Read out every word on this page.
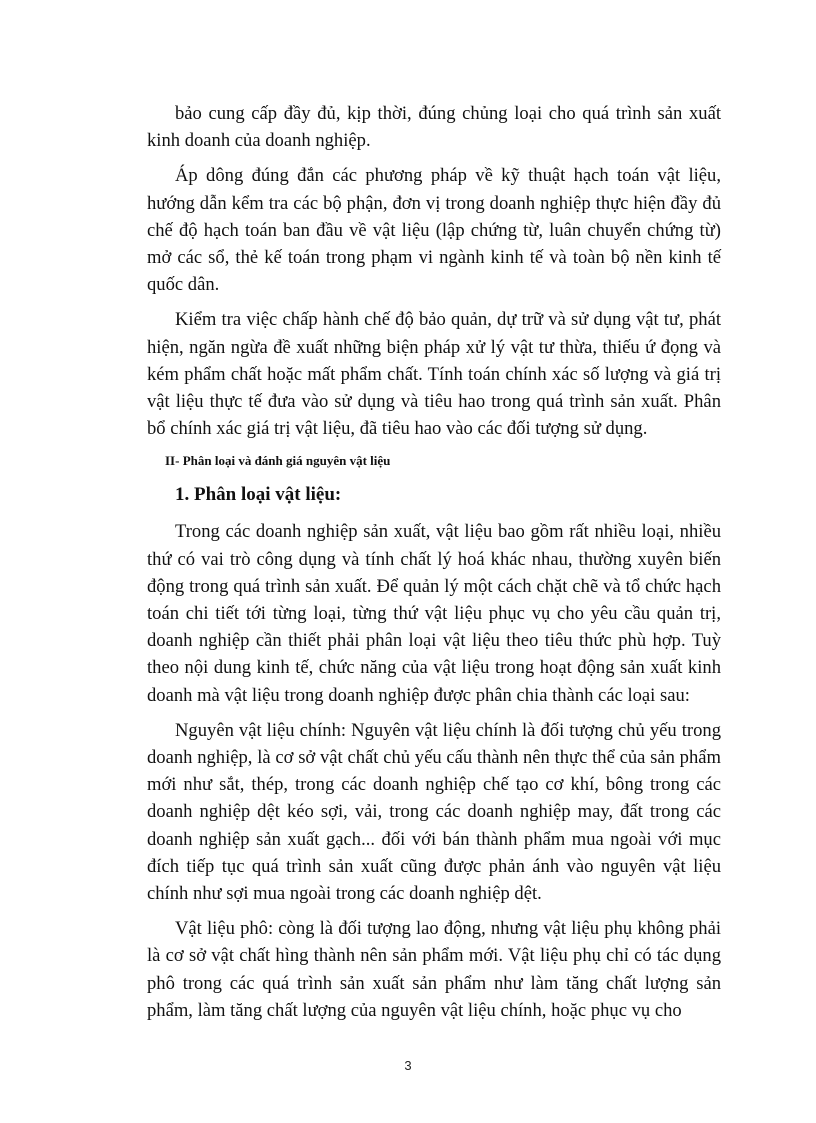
bảo cung cấp đầy đủ, kịp thời, đúng chủng loại cho quá trình sản xuất kinh doanh của doanh nghiệp.

Áp dông đúng đắn các phương pháp về kỹ thuật hạch toán vật liệu, hướng dẫn kểm tra các bộ phận, đơn vị trong doanh nghiệp thực hiện đầy đủ chế độ hạch toán ban đầu về vật liệu (lập chứng từ, luân chuyển chứng từ) mở các sổ, thẻ kế toán trong phạm vi ngành kinh tế và toàn bộ nền kinh tế quốc dân.

Kiểm tra việc chấp hành chế độ bảo quản, dự trữ và sử dụng vật tư, phát hiện, ngăn ngừa đề xuất những biện pháp xử lý vật tư thừa, thiếu ứ đọng và kém phẩm chất hoặc mất phẩm chất. Tính toán chính xác số lượng và giá trị vật liệu thực tế đưa vào sử dụng và tiêu hao trong quá trình sản xuất. Phân bổ chính xác giá trị vật liệu, đã tiêu hao vào các đối tượng sử dụng.

II- Phân loại và đánh giá nguyên vật liệu
1. Phân loại vật liệu:

Trong các doanh nghiệp sản xuất, vật liệu bao gồm rất nhiều loại, nhiều thứ có vai trò công dụng và tính chất lý hoá khác nhau, thường xuyên biến động trong quá trình sản xuất. Để quản lý một cách chặt chẽ và tổ chức hạch toán chi tiết tới từng loại, từng thứ vật liệu phục vụ cho yêu cầu quản trị, doanh nghiệp cần thiết phải phân loại vật liệu theo tiêu thức phù hợp. Tuỳ theo nội dung kinh tế, chức năng của vật liệu trong hoạt động sản xuất kinh doanh mà vật liệu trong doanh nghiệp được phân chia thành các loại sau:

Nguyên vật liệu chính: Nguyên vật liệu chính là đối tượng chủ yếu trong doanh nghiệp, là cơ sở vật chất chủ yếu cấu thành nên thực thể của sản phẩm mới như sắt, thép, trong các doanh nghiệp chế tạo cơ khí, bông trong các doanh nghiệp dệt kéo sợi, vải, trong các doanh nghiệp may, đất trong các doanh nghiệp sản xuất gạch... đối với bán thành phẩm mua ngoài với mục đích tiếp tục quá trình sản xuất cũng được phản ánh vào nguyên vật liệu chính như sợi mua ngoài trong các doanh nghiệp dệt.

Vật liệu phô: còng là đối tượng lao động, nhưng vật liệu phụ không phải là cơ sở vật chất hìng thành nên sản phẩm mới. Vật liệu phụ chỉ có tác dụng phô trong các quá trình sản xuất sản phẩm như làm tăng chất lượng sản phẩm, làm tăng chất lượng của nguyên vật liệu chính, hoặc phục vụ cho

3
